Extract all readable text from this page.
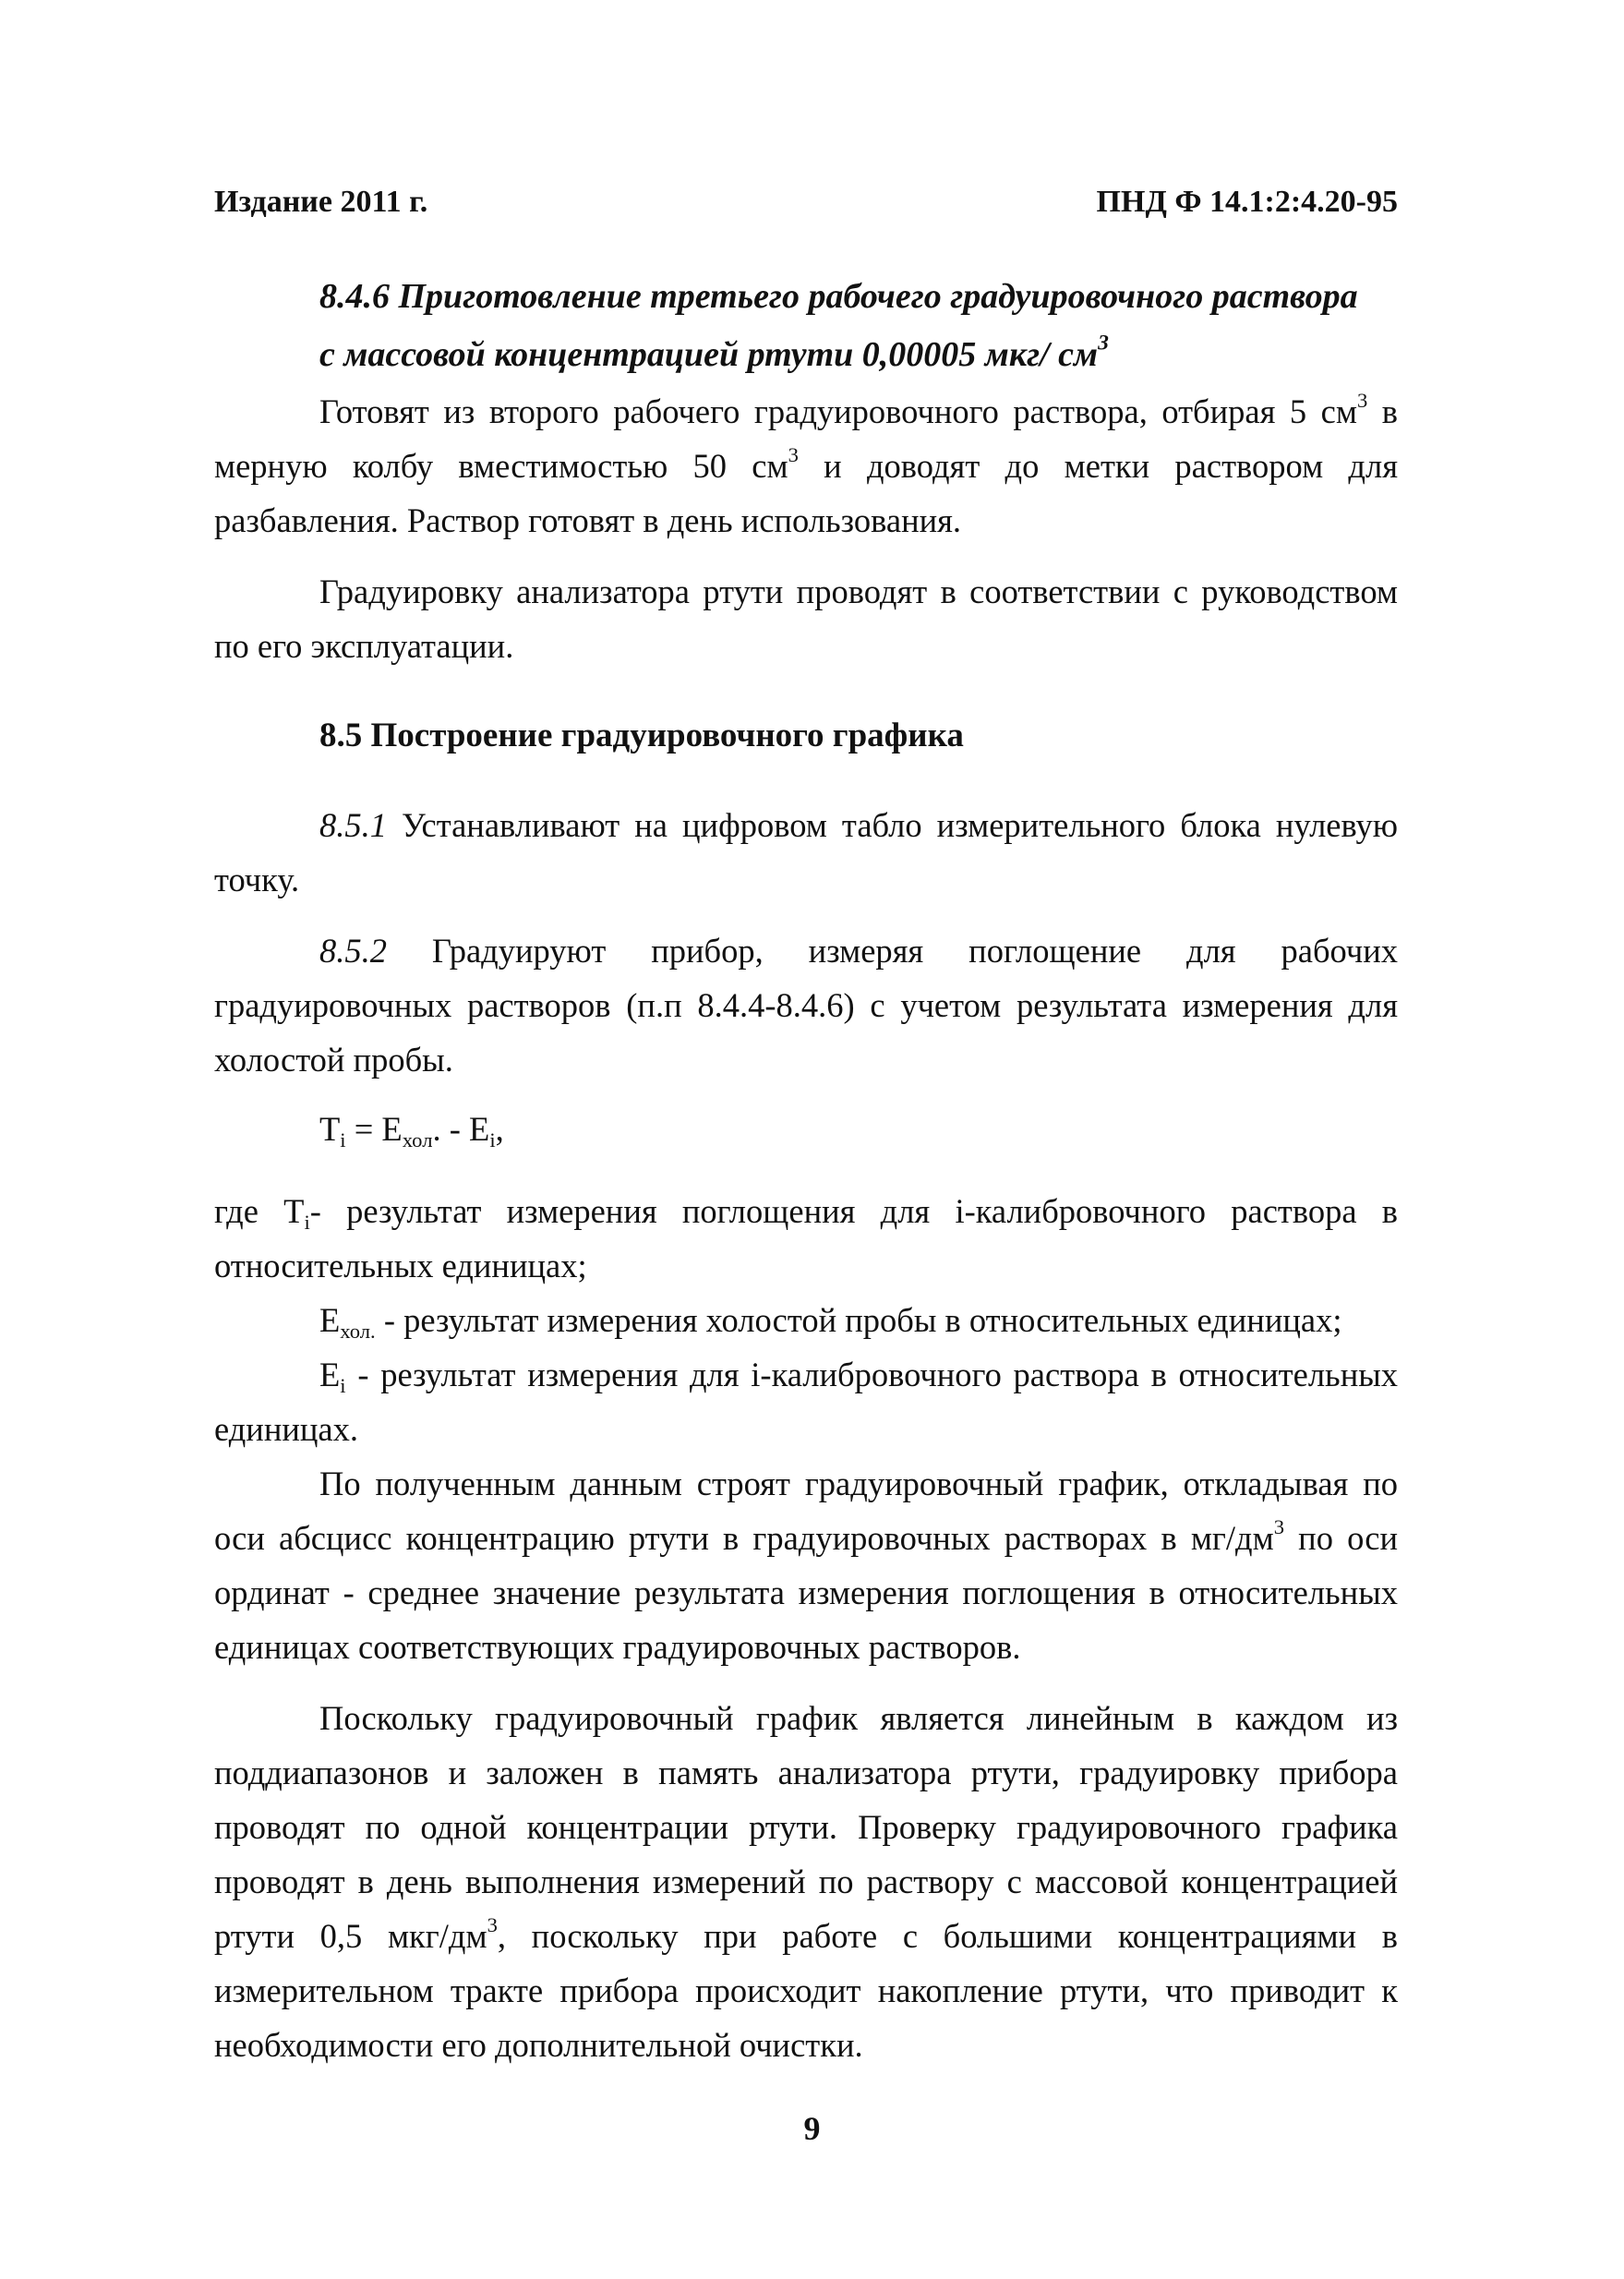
Издание 2011 г.	ПНД Ф 14.1:2:4.20-95
8.4.6 Приготовление третьего рабочего градуировочного раствора
с массовой концентрацией ртути 0,00005 мкг/ $см^3$

Готовят из второго рабочего градуировочного раствора, отбирая 5 $см^3$ в мерную колбу вместимостью 50 $см^3$ и доводят до метки раствором для разбавления. Раствор готовят в день использования.

Градуировку анализатора ртути проводят в соответствии с руководством по его эксплуатации.

8.5 Построение градуировочного графика

8.5.1 Устанавливают на цифровом табло измерительного блока нулевую точку.

8.5.2 Градуируют прибор, измеряя поглощение для рабочих градуировочных растворов (п.п 8.4.4-8.4.6) с учетом результата измерения для холостой пробы.

$T_i = E_{хол}$. - $E_i$,

где $T_i-$ результат измерения поглощения для i-калибровочного раствора в относительных единицах;

$E_{хол.}$ - результат измерения холостой пробы в относительных единицах;

$E_i$ - результат измерения для i-калибровочного раствора в относительных единицах.

По полученным данным строят градуировочный график, откладывая по оси абсцисс концентрацию ртути в градуировочных растворах в $мг/дм^3$ по оси ординат - среднее значение результата измерения поглощения в относительных единицах соответствующих градуировочных растворов.

Поскольку градуировочный график является линейным в каждом из поддиапазонов и заложен в память анализатора ртути, градуировку прибора проводят по одной концентрации ртути. Проверку градуировочного графика проводят в день выполнения измерений по раствору с массовой концентрацией ртути 0,5 мкг/$дм^3$, поскольку при работе с большими концентрациями в измерительном тракте прибора происходит накопление ртути, что приводит к необходимости его дополнительной очистки.

9
